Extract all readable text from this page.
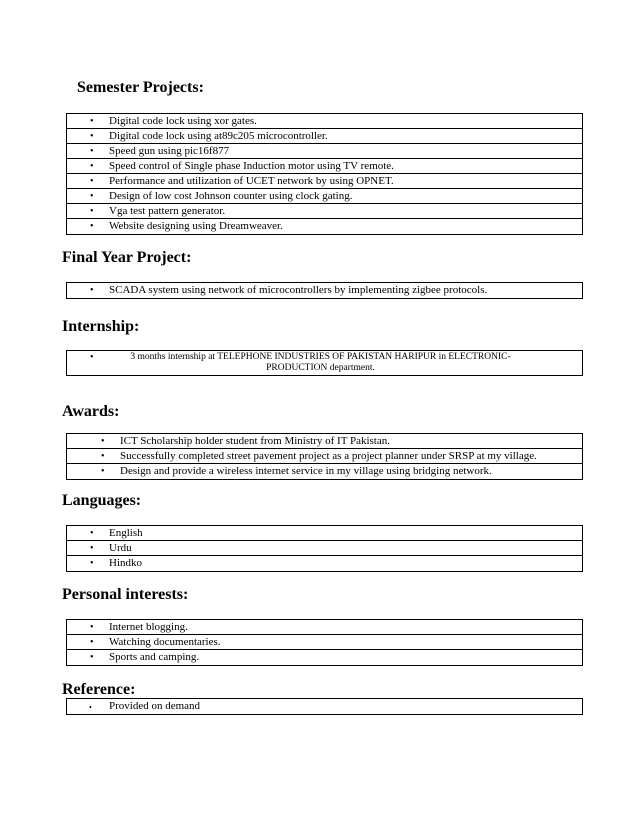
Semester Projects:
• Digital code lock using xor gates.
• Digital code lock using at89c205 microcontroller.
• Speed gun using pic16f877
• Speed control of Single phase Induction motor using TV remote.
• Performance and utilization of UCET network by using OPNET.
• Design of low cost Johnson counter using clock gating.
• Vga test pattern generator.
• Website designing using Dreamweaver.
Final Year Project:
• SCADA system using network of microcontrollers by implementing zigbee protocols.
Internship:
•	3 months internship at TELEPHONE INDUSTRIES OF PAKISTAN HARIPUR in ELECTRONIC-PRODUCTION department.
Awards:
• ICT Scholarship holder student from Ministry of IT Pakistan.
• Successfully completed street pavement project as a project planner under SRSP at my village.
• Design and provide a wireless internet service in my village using bridging network.
Languages:
• English
• Urdu
• Hindko
Personal interests:
• Internet blogging.
• Watching documentaries.
• Sports and camping.
Reference:
• Provided on demand
